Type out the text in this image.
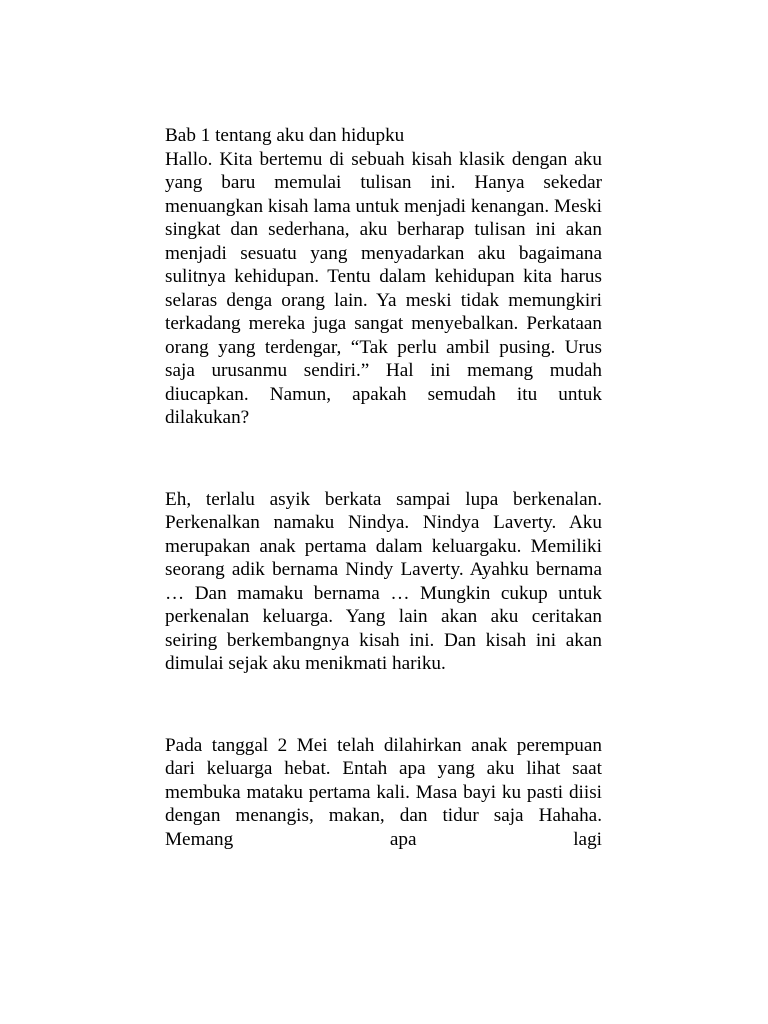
Bab 1 tentang aku dan hidupku

Hallo. Kita bertemu di sebuah kisah klasik dengan aku yang baru memulai tulisan ini. Hanya sekedar menuangkan kisah lama untuk menjadi kenangan. Meski singkat dan sederhana, aku berharap tulisan ini akan menjadi sesuatu yang menyadarkan aku bagaimana sulitnya kehidupan. Tentu dalam kehidupan kita harus selaras denga orang lain. Ya meski tidak memungkiri terkadang mereka juga sangat menyebalkan. Perkataan orang yang terdengar, “Tak perlu ambil pusing. Urus saja urusanmu sendiri.” Hal ini memang mudah diucapkan. Namun, apakah semudah itu untuk dilakukan?

Eh, terlalu asyik berkata sampai lupa berkenalan. Perkenalkan namaku Nindya. Nindya Laverty. Aku merupakan anak pertama dalam keluargaku. Memiliki seorang adik bernama Nindy Laverty. Ayahku bernama … Dan mamaku bernama … Mungkin cukup untuk perkenalan keluarga. Yang lain akan aku ceritakan seiring berkembangnya kisah ini. Dan kisah ini akan dimulai sejak aku menikmati hariku.

Pada tanggal 2 Mei telah dilahirkan anak perempuan dari keluarga hebat. Entah apa yang aku lihat saat membuka mataku pertama kali. Masa bayi ku pasti diisi dengan menangis, makan, dan tidur saja Hahaha. Memang apa lagi
